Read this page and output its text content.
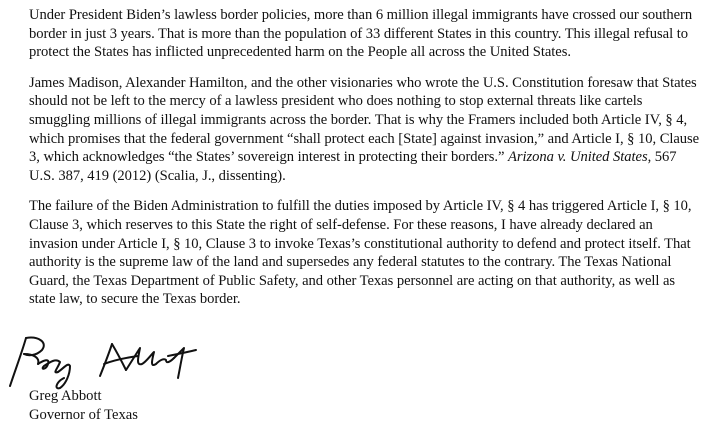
Under President Biden’s lawless border policies, more than 6 million illegal immigrants have crossed our southern border in just 3 years. That is more than the population of 33 different States in this country. This illegal refusal to protect the States has inflicted unprecedented harm on the People all across the United States.

James Madison, Alexander Hamilton, and the other visionaries who wrote the U.S. Constitution foresaw that States should not be left to the mercy of a lawless president who does nothing to stop external threats like cartels smuggling millions of illegal immigrants across the border. That is why the Framers included both Article IV, § 4, which promises that the federal government “shall protect each [State] against invasion,” and Article I, § 10, Clause 3, which acknowledges “the States’ sovereign interest in protecting their borders.” Arizona v. United States, 567 U.S. 387, 419 (2012) (Scalia, J., dissenting).

The failure of the Biden Administration to fulfill the duties imposed by Article IV, § 4 has triggered Article I, § 10, Clause 3, which reserves to this State the right of self-defense. For these reasons, I have already declared an invasion under Article I, § 10, Clause 3 to invoke Texas’s constitutional authority to defend and protect itself. That authority is the supreme law of the land and supersedes any federal statutes to the contrary. The Texas National Guard, the Texas Department of Public Safety, and other Texas personnel are acting on that authority, as well as state law, to secure the Texas border.

Greg Abbott
Governor of Texas
